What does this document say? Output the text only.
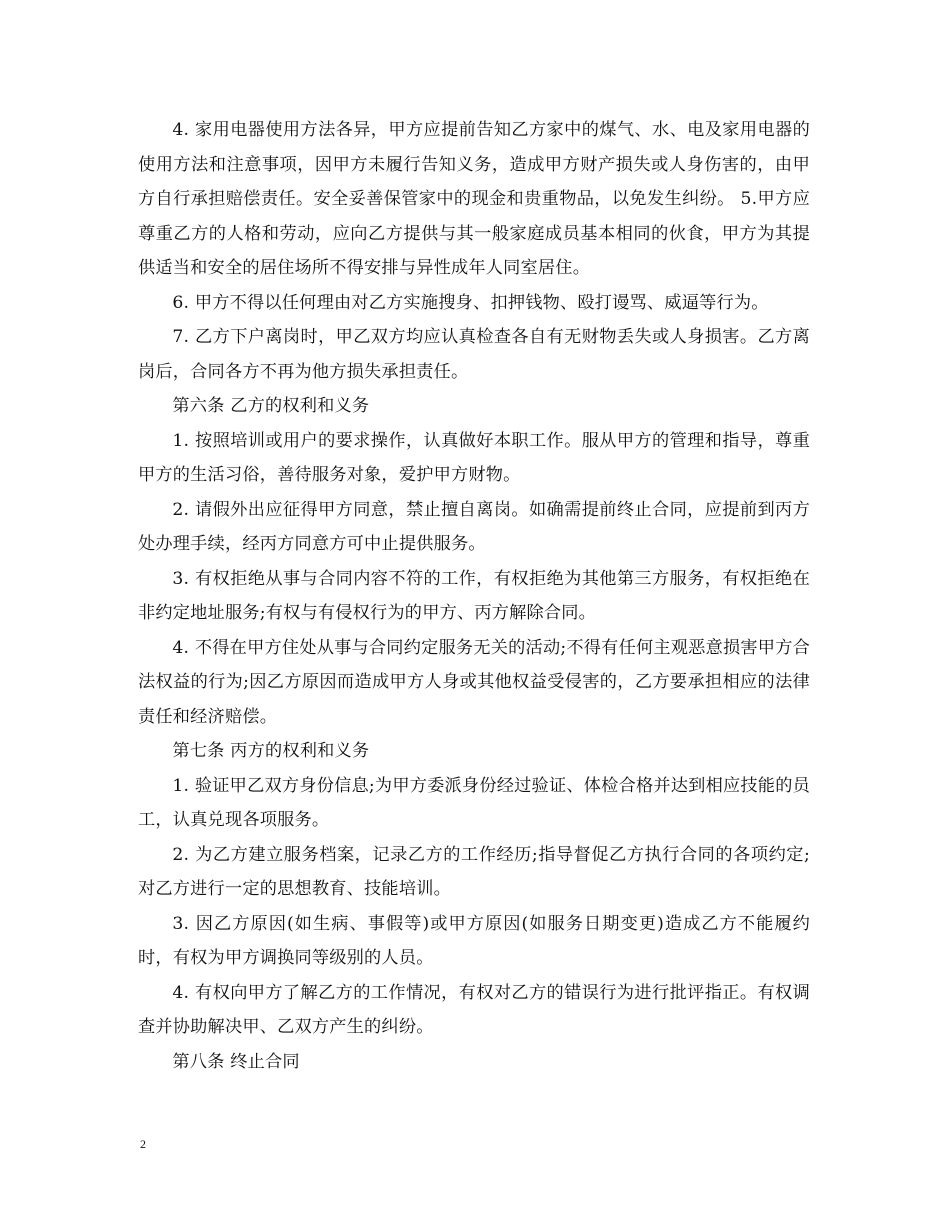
4. 家用电器使用方法各异，甲方应提前告知乙方家中的煤气、水、电及家用电器的使用方法和注意事项，因甲方未履行告知义务，造成甲方财产损失或人身伤害的，由甲方自行承担赔偿责任。安全妥善保管家中的现金和贵重物品，以免发生纠纷。 5.甲方应尊重乙方的人格和劳动，应向乙方提供与其一般家庭成员基本相同的伙食，甲方为其提供适当和安全的居住场所不得安排与异性成年人同室居住。

6. 甲方不得以任何理由对乙方实施搜身、扣押钱物、殴打谩骂、威逼等行为。

7. 乙方下户离岗时，甲乙双方均应认真检查各自有无财物丢失或人身损害。乙方离岗后，合同各方不再为他方损失承担责任。

第六条 乙方的权利和义务

1. 按照培训或用户的要求操作，认真做好本职工作。服从甲方的管理和指导，尊重甲方的生活习俗，善待服务对象，爱护甲方财物。

2. 请假外出应征得甲方同意，禁止擅自离岗。如确需提前终止合同，应提前到丙方处办理手续，经丙方同意方可中止提供服务。

3. 有权拒绝从事与合同内容不符的工作，有权拒绝为其他第三方服务，有权拒绝在非约定地址服务;有权与有侵权行为的甲方、丙方解除合同。

4. 不得在甲方住处从事与合同约定服务无关的活动;不得有任何主观恶意损害甲方合法权益的行为;因乙方原因而造成甲方人身或其他权益受侵害的，乙方要承担相应的法律责任和经济赔偿。

第七条 丙方的权利和义务

1. 验证甲乙双方身份信息;为甲方委派身份经过验证、体检合格并达到相应技能的员工，认真兑现各项服务。

2. 为乙方建立服务档案，记录乙方的工作经历;指导督促乙方执行合同的各项约定;对乙方进行一定的思想教育、技能培训。

3. 因乙方原因(如生病、事假等)或甲方原因(如服务日期变更)造成乙方不能履约时，有权为甲方调换同等级别的人员。

4. 有权向甲方了解乙方的工作情况，有权对乙方的错误行为进行批评指正。有权调查并协助解决甲、乙双方产生的纠纷。

第八条 终止合同

2
